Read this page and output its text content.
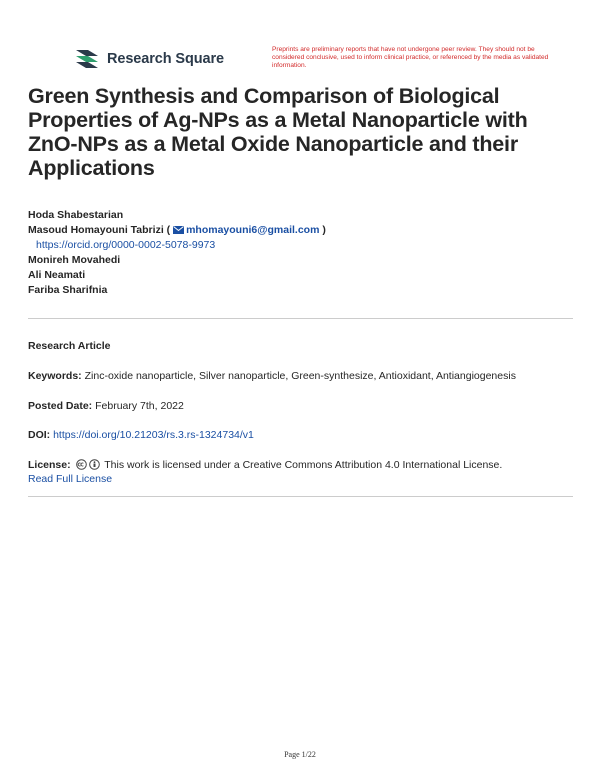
Research Square
Preprints are preliminary reports that have not undergone peer review. They should not be considered conclusive, used to inform clinical practice, or referenced by the media as validated information.
Green Synthesis and Comparison of Biological Properties of Ag-NPs as a Metal Nanoparticle with ZnO-NPs as a Metal Oxide Nanoparticle and their Applications
Hoda Shabestarian
Masoud Homayouni Tabrizi ( mhomayouni6@gmail.com )
https://orcid.org/0000-0002-5078-9973
Monireh Movahedi
Ali Neamati
Fariba Sharifnia
Research Article
Keywords: Zinc-oxide nanoparticle, Silver nanoparticle, Green-synthesize, Antioxidant, Antiangiogenesis
Posted Date: February 7th, 2022
DOI: https://doi.org/10.21203/rs.3.rs-1324734/v1
License:	This work is licensed under a Creative Commons Attribution 4.0 International License.
Read Full License
Page 1/22
